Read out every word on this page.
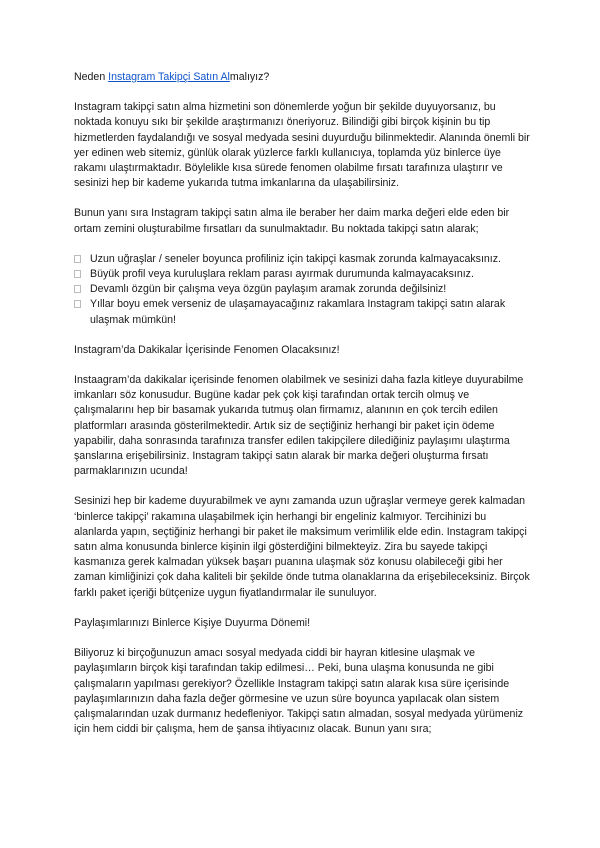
Neden Instagram Takipçi Satın Almalıyız?

Instagram takipçi satın alma hizmetini son dönemlerde yoğun bir şekilde duyuyorsanız, bu noktada konuyu sıkı bir şekilde araştırmanızı öneriyoruz. Bilindiği gibi birçok kişinin bu tip hizmetlerden faydalandığı ve sosyal medyada sesini duyurduğu bilinmektedir. Alanında önemli bir yer edinen web sitemiz, günlük olarak yüzlerce farklı kullanıcıya, toplamda yüz binlerce üye rakamı ulaştırmaktadır. Böylelikle kısa sürede fenomen olabilme fırsatı tarafınıza ulaştırır ve sesinizi hep bir kademe yukarıda tutma imkanlarına da ulaşabilirsiniz.

Bunun yanı sıra Instagram takipçi satın alma ile beraber her daim marka değeri elde eden bir ortam zemini oluşturabilme fırsatları da sunulmaktadır. Bu noktada takipçi satın alarak;

Uzun uğraşlar / seneler boyunca profiliniz için takipçi kasmak zorunda kalmayacaksınız.
Büyük profil veya kuruluşlara reklam parası ayırmak durumunda kalmayacaksınız.
Devamlı özgün bir çalışma veya özgün paylaşım aramak zorunda değilsiniz!
Yıllar boyu emek verseniz de ulaşamayacağınız rakamlara Instagram takipçi satın alarak ulaşmak mümkün!

Instagram’da Dakikalar İçerisinde Fenomen Olacaksınız!

Instaagram’da dakikalar içerisinde fenomen olabilmek ve sesinizi daha fazla kitleye duyurabilme imkanları söz konusudur. Bugüne kadar pek çok kişi tarafından ortak tercih olmuş ve çalışmalarını hep bir basamak yukarıda tutmuş olan firmamız, alanının en çok tercih edilen platformları arasında gösterilmektedir. Artık siz de seçtiğiniz herhangi bir paket için ödeme yapabilir, daha sonrasında tarafınıza transfer edilen takipçilere dilediğiniz paylaşımı ulaştırma şanslarına erişebilirsiniz. Instagram takipçi satın alarak bir marka değeri oluşturma fırsatı parmaklarınızın ucunda!

Sesinizi hep bir kademe duyurabilmek ve aynı zamanda uzun uğraşlar vermeye gerek kalmadan ‘binlerce takipçi’ rakamına ulaşabilmek için herhangi bir engeliniz kalmıyor. Tercihinizi bu alanlarda yapın, seçtiğiniz herhangi bir paket ile maksimum verimlilik elde edin. Instagram takipçi satın alma konusunda binlerce kişinin ilgi gösterdiğini bilmekteyiz. Zira bu sayede takipçi kasmanıza gerek kalmadan yüksek başarı puanına ulaşmak söz konusu olabileceği gibi her zaman kimliğinizi çok daha kaliteli bir şekilde önde tutma olanaklarına da erişebileceksiniz. Birçok farklı paket içeriği bütçenize uygun fiyatlandırmalar ile sunuluyor.

Paylaşımlarınızı Binlerce Kişiye Duyurma Dönemi!

Biliyoruz ki birçoğunuzun amacı sosyal medyada ciddi bir hayran kitlesine ulaşmak ve paylaşımların birçok kişi tarafından takip edilmesi… Peki, buna ulaşma konusunda ne gibi çalışmaların yapılması gerekiyor? Özellikle Instagram takipçi satın alarak kısa süre içerisinde paylaşımlarınızın daha fazla değer görmesine ve uzun süre boyunca yapılacak olan sistem çalışmalarından uzak durmanız hedefleniyor. Takipçi satın almadan, sosyal medyada yürümeniz için hem ciddi bir çalışma, hem de şansa ihtiyacınız olacak. Bunun yanı sıra;
